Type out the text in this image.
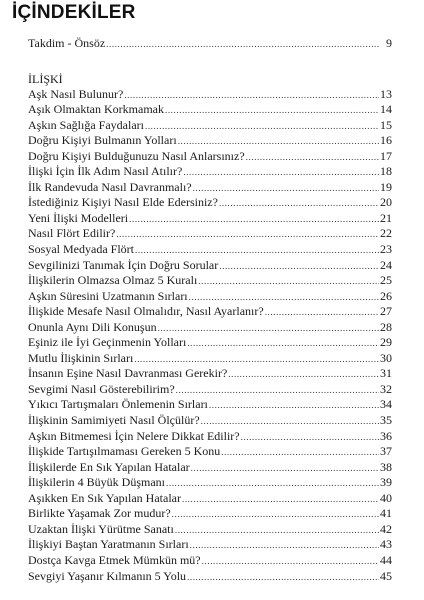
İÇİNDEKİLER
Takdim - Önsöz .....	9
İLİŞKİ
Aşk Nasıl Bulunur? .....	13
Aşık Olmaktan Korkmamak .....	14
Aşkın Sağlığa Faydaları .....	15
Doğru Kişiyi Bulmanın Yolları .....	16
Doğru Kişiyi Bulduğunuzu Nasıl Anlarsınız? .....	17
İlişki İçin İlk Adım Nasıl Atılır? .....	18
İlk Randevuda Nasıl Davranmalı? .....	19
İstediğiniz Kişiyi Nasıl Elde Edersiniz? .....	20
Yeni İlişki Modelleri .....	21
Nasıl Flört Edilir? .....	22
Sosyal Medyada Flört .....	23
Sevgilinizi Tanımak İçin Doğru Sorular .....	24
İlişkilerin Olmazsa Olmaz 5 Kuralı .....	25
Aşkın Süresini Uzatmanın Sırları .....	26
İlişkide Mesafe Nasıl Olmalıdır, Nasıl Ayarlanır? .....	27
Onunla Aynı Dili Konuşun .....	28
Eşiniz ile İyi Geçinmenin Yolları .....	29
Mutlu İlişkinin Sırları .....	30
İnsanın Eşine Nasıl Davranması Gerekir? .....	31
Sevgimi Nasıl Gösterebilirim? .....	32
Yıkıcı Tartışmaları Önlemenin Sırları .....	34
İlişkinin Samimiyeti Nasıl Ölçülür? .....	35
Aşkın Bitmemesi İçin Nelere Dikkat Edilir? .....	36
İlişkide Tartışılmaması Gereken 5 Konu .....	37
İlişkilerde En Sık Yapılan Hatalar .....	38
İlişkilerin 4 Büyük Düşmanı .....	39
Aşıkken En Sık Yapılan Hatalar .....	40
Birlikte Yaşamak Zor mudur? .....	41
Uzaktan İlişki Yürütme Sanatı .....	42
İlişkiyi Baştan Yaratmanın Sırları .....	43
Dostça Kavga Etmek Mümkün mü? .....	44
Sevgiyi Yaşanır Kılmanın 5 Yolu .....	45
